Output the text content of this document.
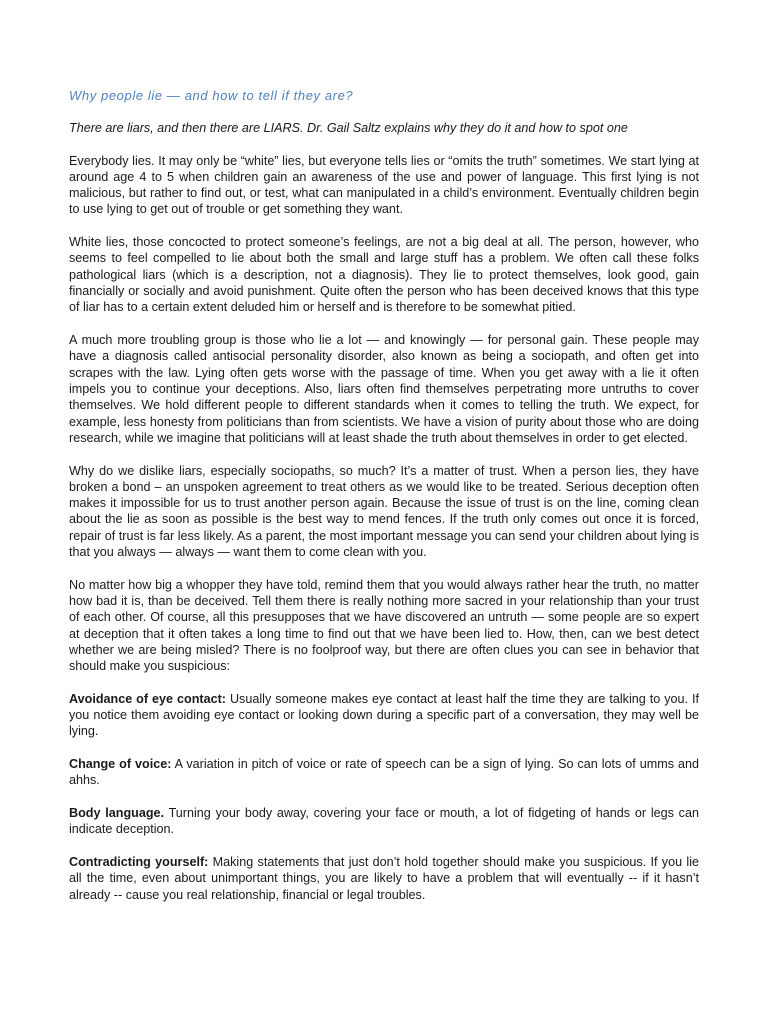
Why people lie — and how to tell if they are?
There are liars, and then there are LIARS. Dr. Gail Saltz explains why they do it and how to spot one

Everybody lies. It may only be “white” lies, but everyone tells lies or “omits the truth” sometimes. We start lying at around age 4 to 5 when children gain an awareness of the use and power of language. This first lying is not malicious, but rather to find out, or test, what can manipulated in a child’s environment. Eventually children begin to use lying to get out of trouble or get something they want.

White lies, those concocted to protect someone’s feelings, are not a big deal at all. The person, however, who seems to feel compelled to lie about both the small and large stuff has a problem. We often call these folks pathological liars (which is a description, not a diagnosis). They lie to protect themselves, look good, gain financially or socially and avoid punishment. Quite often the person who has been deceived knows that this type of liar has to a certain extent deluded him or herself and is therefore to be somewhat pitied.

A much more troubling group is those who lie a lot — and knowingly — for personal gain. These people may have a diagnosis called antisocial personality disorder, also known as being a sociopath, and often get into scrapes with the law. Lying often gets worse with the passage of time. When you get away with a lie it often impels you to continue your deceptions. Also, liars often find themselves perpetrating more untruths to cover themselves. We hold different people to different standards when it comes to telling the truth. We expect, for example, less honesty from politicians than from scientists. We have a vision of purity about those who are doing research, while we imagine that politicians will at least shade the truth about themselves in order to get elected.

Why do we dislike liars, especially sociopaths, so much? It’s a matter of trust. When a person lies, they have broken a bond – an unspoken agreement to treat others as we would like to be treated. Serious deception often makes it impossible for us to trust another person again. Because the issue of trust is on the line, coming clean about the lie as soon as possible is the best way to mend fences. If the truth only comes out once it is forced, repair of trust is far less likely. As a parent, the most important message you can send your children about lying is that you always — always — want them to come clean with you.

No matter how big a whopper they have told, remind them that you would always rather hear the truth, no matter how bad it is, than be deceived. Tell them there is really nothing more sacred in your relationship than your trust of each other. Of course, all this presupposes that we have discovered an untruth — some people are so expert at deception that it often takes a long time to find out that we have been lied to. How, then, can we best detect whether we are being misled? There is no foolproof way, but there are often clues you can see in behavior that should make you suspicious:

Avoidance of eye contact: Usually someone makes eye contact at least half the time they are talking to you. If you notice them avoiding eye contact or looking down during a specific part of a conversation, they may well be lying.

Change of voice: A variation in pitch of voice or rate of speech can be a sign of lying. So can lots of umms and ahhs.

Body language. Turning your body away, covering your face or mouth, a lot of fidgeting of hands or legs can indicate deception.

Contradicting yourself: Making statements that just don’t hold together should make you suspicious. If you lie all the time, even about unimportant things, you are likely to have a problem that will eventually -- if it hasn’t already -- cause you real relationship, financial or legal troubles.
